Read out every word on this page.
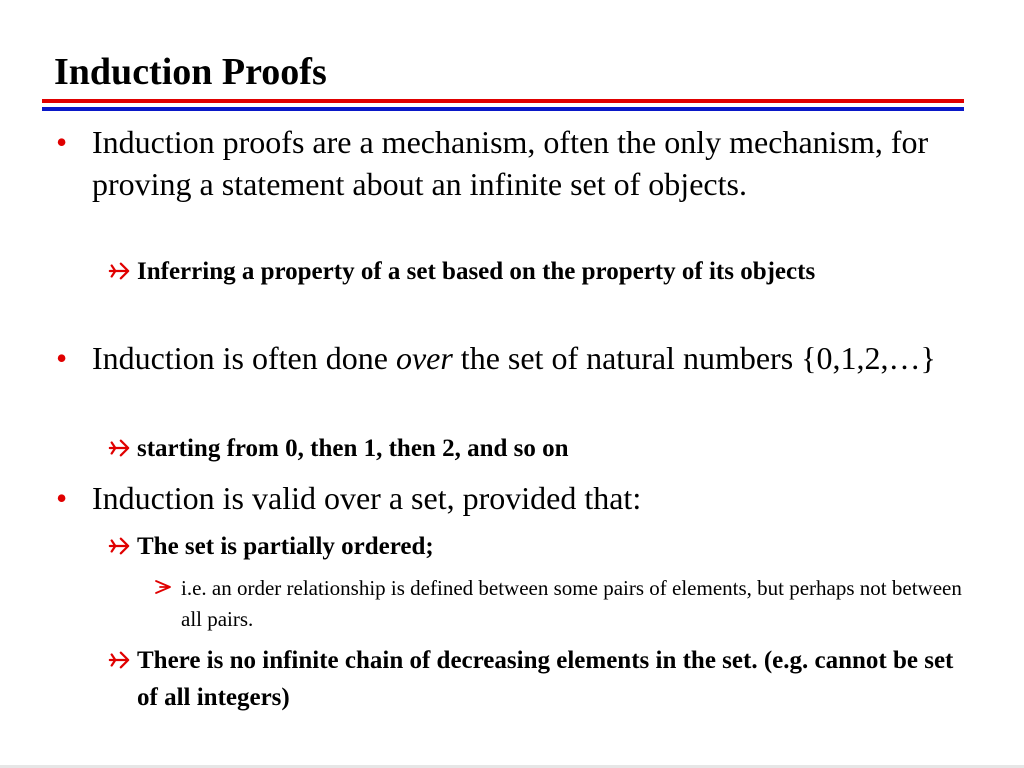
Induction Proofs
• Induction proofs are a mechanism, often the only mechanism, for proving a statement about an infinite set of objects.
Inferring a property of a set based on the property of its objects
• Induction is often done over the set of natural numbers {0,1,2,…}
starting from 0, then 1, then 2, and so on
• Induction is valid over a set, provided that:
The set is partially ordered;
i.e. an order relationship is defined between some pairs of elements, but perhaps not between all pairs.
There is no infinite chain of decreasing elements in the set. (e.g. cannot be set of all integers)
